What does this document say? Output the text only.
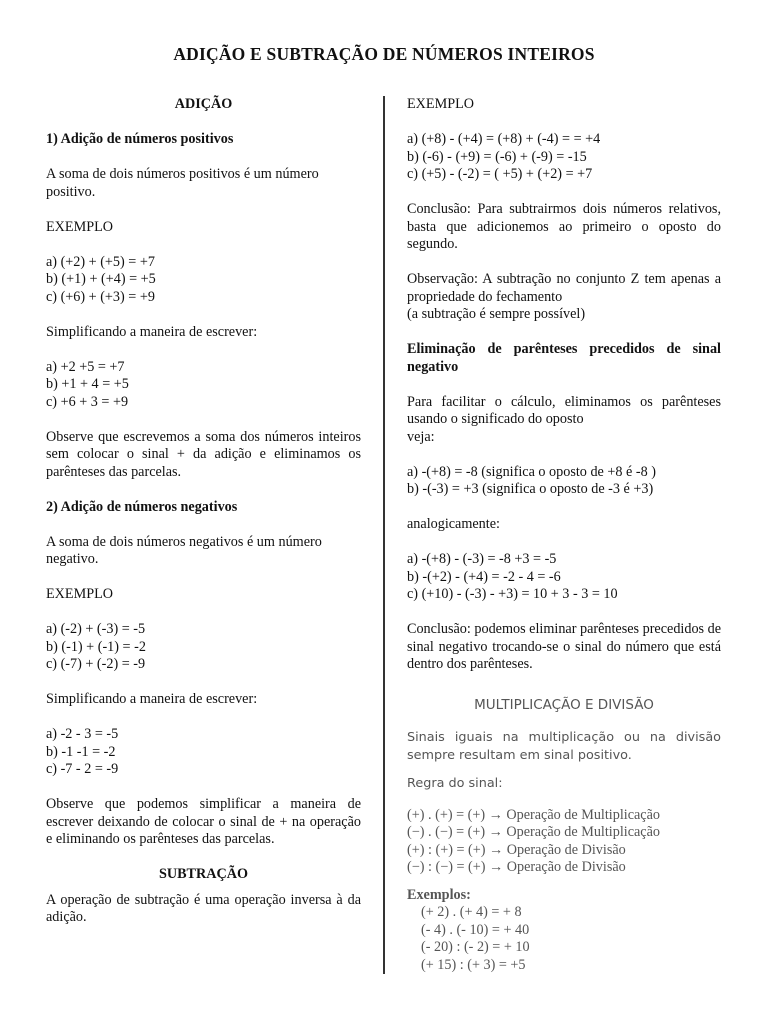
ADIÇÃO E SUBTRAÇÃO DE NÚMEROS INTEIROS

ADIÇÃO

1) Adição de números positivos

A soma de dois números positivos é um número positivo.

EXEMPLO

a) (+2) + (+5) = +7

b) (+1) + (+4) = +5

c) (+6) + (+3) = +9

Simplificando a maneira de escrever:

a) +2 +5 = +7

b) +1 + 4 = +5

c) +6 + 3 = +9

Observe que escrevemos a soma dos números inteiros sem colocar o sinal + da adição e eliminamos os parênteses das parcelas.

2) Adição de números negativos

A soma de dois números negativos é um número negativo.

EXEMPLO

a) (-2) + (-3) = -5

b) (-1) + (-1) = -2

c) (-7) + (-2) = -9

Simplificando a maneira de escrever:

a) -2 - 3 = -5

b) -1 -1 = -2

c) -7 - 2 = -9

Observe que podemos simplificar a maneira de escrever deixando de colocar o sinal de + na operação e eliminando os parênteses das parcelas.

SUBTRAÇÃO

A operação de subtração é uma operação inversa à da adição.

EXEMPLO

a) (+8) - (+4) = (+8) + (-4) = = +4

b) (-6) - (+9) = (-6) + (-9) = -15

c) (+5) - (-2) = ( +5) + (+2) = +7

Conclusão: Para subtrairmos dois números relativos, basta que adicionemos ao primeiro o oposto do segundo.

Observação: A subtração no conjunto Z tem apenas a propriedade do fechamento

(a subtração é sempre possível)

Eliminação de parênteses precedidos de sinal negativo

Para facilitar o cálculo, eliminamos os parênteses usando o significado do oposto

veja:

a) -(+8) = -8 (significa o oposto de +8 é -8 )

b) -(-3) = +3 (significa o oposto de -3 é +3)

analogicamente:

a) -(+8) - (-3) = -8 +3 = -5

b) -(+2) - (+4) = -2 - 4 = -6

c) (+10) - (-3) - +3) = 10 + 3 - 3 = 10

Conclusão: podemos eliminar parênteses precedidos de sinal negativo trocando-se o sinal do número que está dentro dos parênteses.

MULTIPLICAÇÃO E DIVISÃO

Sinais iguais na multiplicação ou na divisão sempre resultam em sinal positivo.

Regra do sinal:

(+) . (+) = (+) → Operação de Multiplicação

(−) . (−) = (+) → Operação de Multiplicação

(+) : (+) = (+) → Operação de Divisão

(−) : (−) = (+) → Operação de Divisão

Exemplos:

(+ 2) . (+ 4) = + 8

(- 4) . (- 10) = + 40

(- 20) : (- 2) = + 10

(+ 15) : (+ 3) = +5
